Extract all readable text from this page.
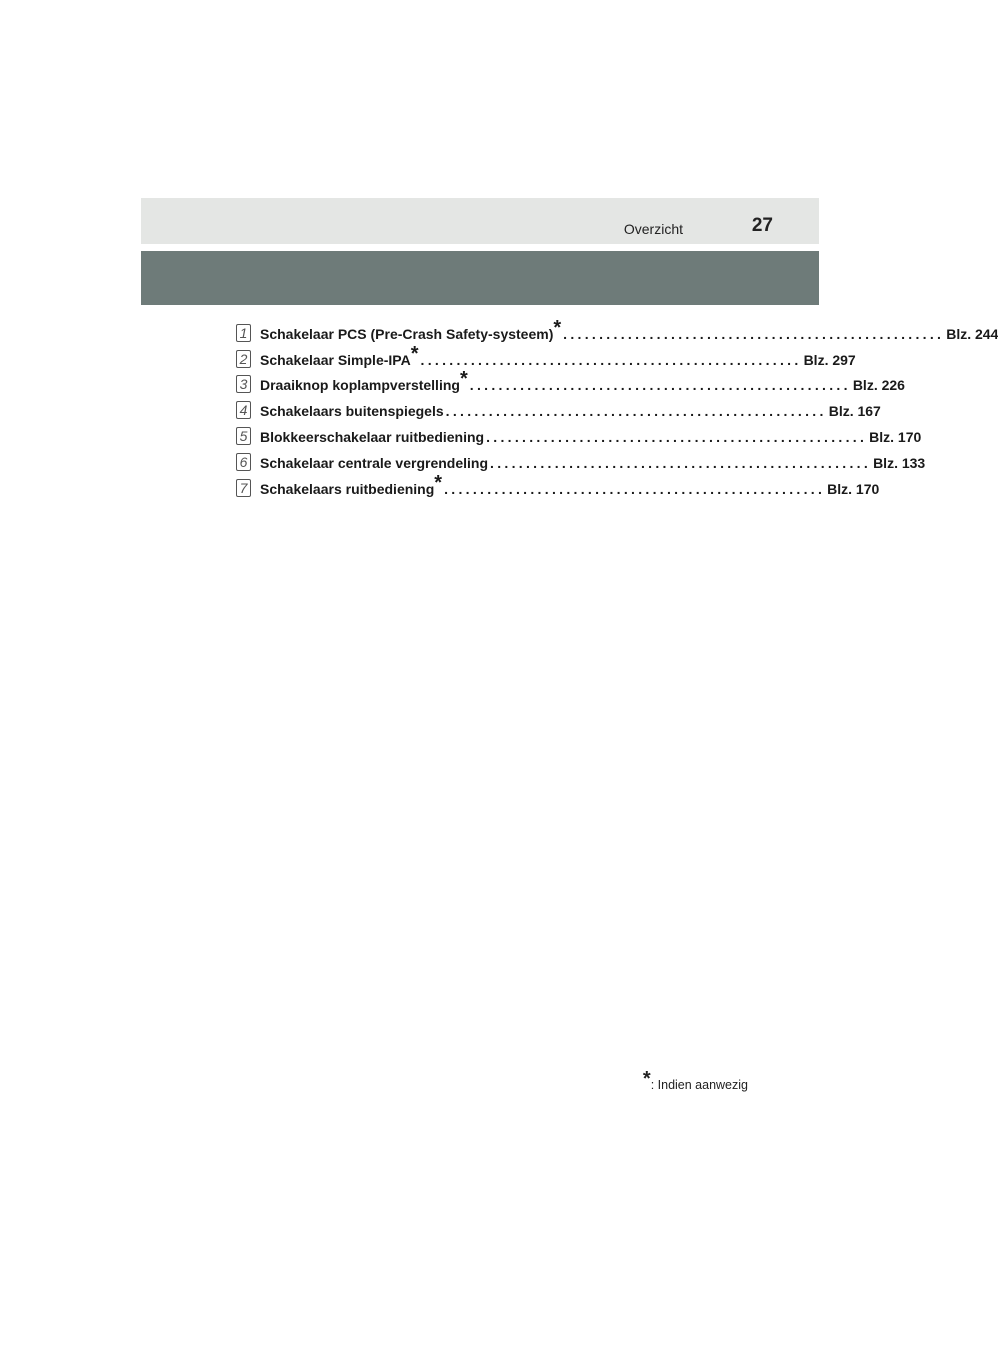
Overzicht	27
1 Schakelaar PCS (Pre-Crash Safety-systeem)* ..................................................... Blz. 244
2 Schakelaar Simple-IPA* ..................................................... Blz. 297
3 Draaiknop koplampverstelling* ..................................................... Blz. 226
4 Schakelaars buitenspiegels ..................................................... Blz. 167
5 Blokkeerschakelaar ruitbediening ..................................................... Blz. 170
6 Schakelaar centrale vergrendeling ..................................................... Blz. 133
7 Schakelaars ruitbediening* ..................................................... Blz. 170
*: Indien aanwezig
